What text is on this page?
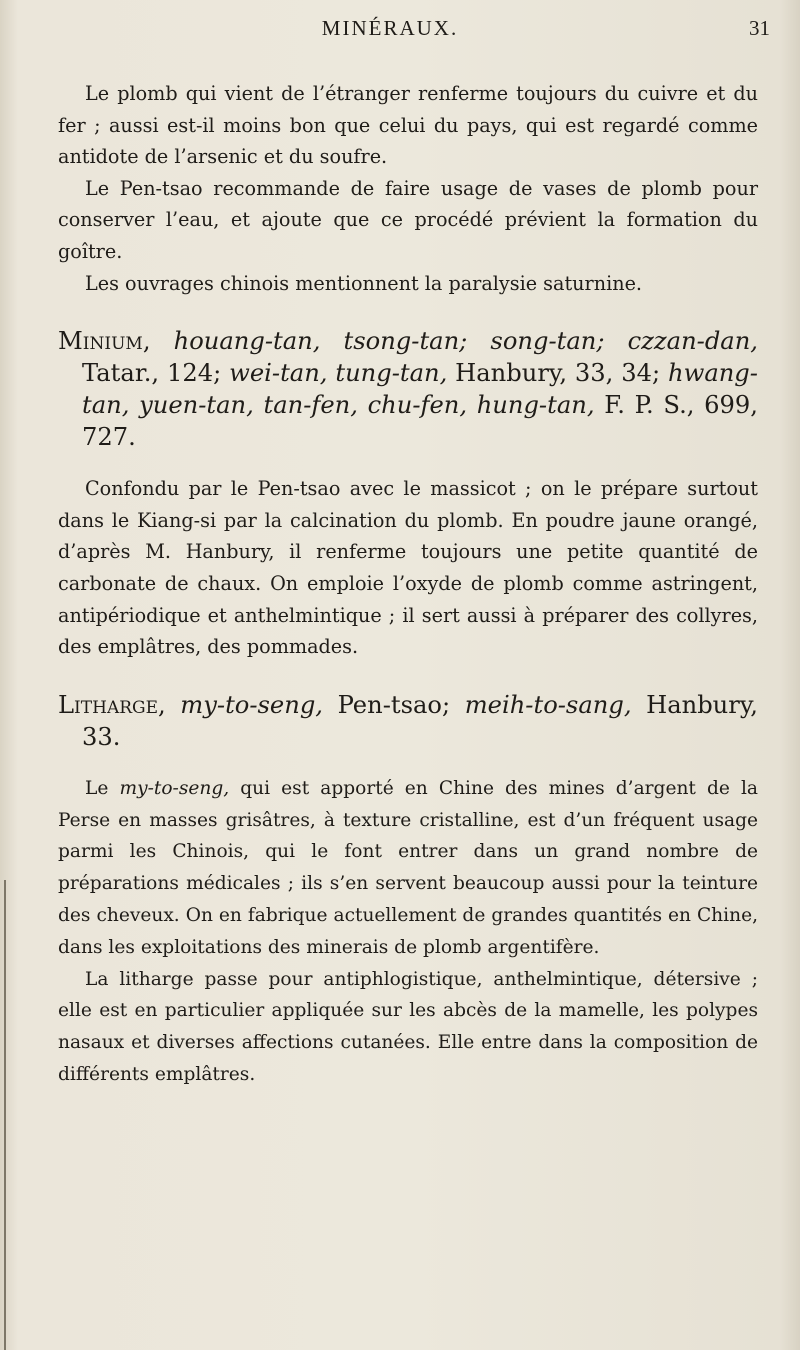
MINÉRAUX.	31

Le plomb qui vient de l’étranger renferme toujours du cuivre et du fer ; aussi est-il moins bon que celui du pays, qui est regardé comme antidote de l’arsenic et du soufre.

Le Pen-tsao recommande de faire usage de vases de plomb pour conserver l’eau, et ajoute que ce procédé prévient la formation du goître.

Les ouvrages chinois mentionnent la paralysie saturnine.

Minium, houang-tan, tsong-tan; song-tan; czzan-dan, Tatar., 124; wei-tan, tung-tan, Hanbury, 33, 34; hwang-tan, yuen-tan, tan-fen, chu-fen, hung-tan, F. P. S., 699, 727.

Confondu par le Pen-tsao avec le massicot ; on le prépare surtout dans le Kiang-si par la calcination du plomb. En poudre jaune orangé, d’après M. Hanbury, il renferme toujours une petite quantité de carbonate de chaux. On emploie l’oxyde de plomb comme astringent, antipériodique et anthelmintique ; il sert aussi à préparer des collyres, des emplâtres, des pommades.

Litharge, my-to-seng, Pen-tsao; meih-to-sang, Hanbury, 33.

Le my-to-seng, qui est apporté en Chine des mines d’argent de la Perse en masses grisâtres, à texture cristalline, est d’un fréquent usage parmi les Chinois, qui le font entrer dans un grand nombre de préparations médicales ; ils s’en servent beaucoup aussi pour la teinture des cheveux. On en fabrique actuellement de grandes quantités en Chine, dans les exploitations des minerais de plomb argentifère.

La litharge passe pour antiphlogistique, anthelmintique, détersive ; elle est en particulier appliquée sur les abcès de la mamelle, les polypes nasaux et diverses affections cutanées. Elle entre dans la composition de différents emplâtres.
